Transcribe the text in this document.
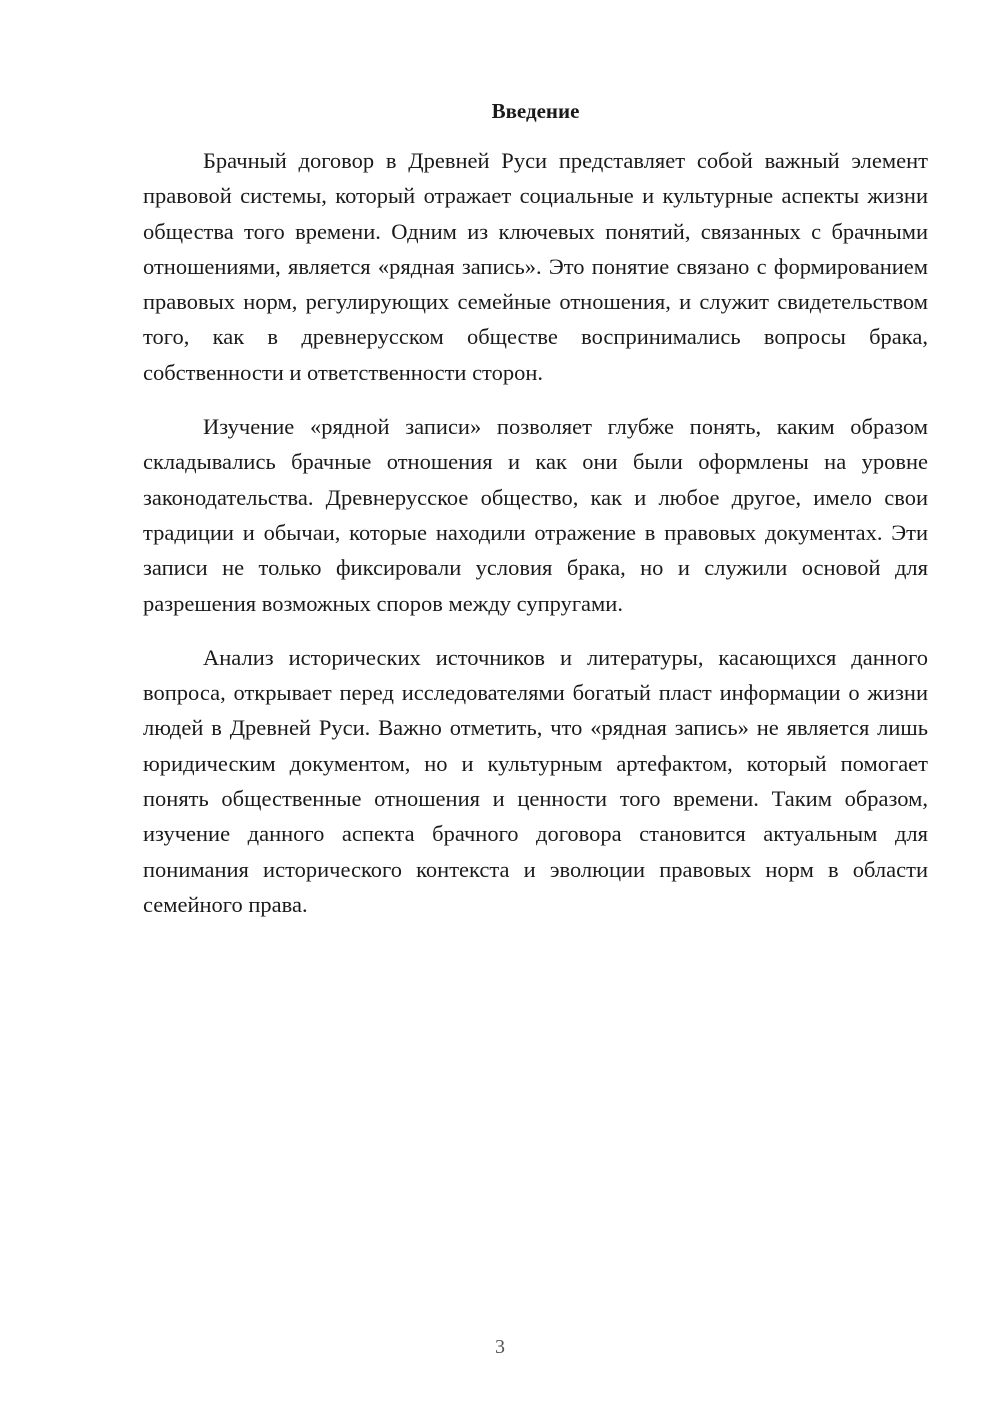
Введение

Брачный договор в Древней Руси представляет собой важный элемент правовой системы, который отражает социальные и культурные аспекты жизни общества того времени. Одним из ключевых понятий, связанных с брачными отношениями, является «рядная запись». Это понятие связано с формированием правовых норм, регулирующих семейные отношения, и служит свидетельством того, как в древнерусском обществе воспринимались вопросы брака, собственности и ответственности сторон.

Изучение «рядной записи» позволяет глубже понять, каким образом складывались брачные отношения и как они были оформлены на уровне законодательства. Древнерусское общество, как и любое другое, имело свои традиции и обычаи, которые находили отражение в правовых документах. Эти записи не только фиксировали условия брака, но и служили основой для разрешения возможных споров между супругами.

Анализ исторических источников и литературы, касающихся данного вопроса, открывает перед исследователями богатый пласт информации о жизни людей в Древней Руси. Важно отметить, что «рядная запись» не является лишь юридическим документом, но и культурным артефактом, который помогает понять общественные отношения и ценности того времени. Таким образом, изучение данного аспекта брачного договора становится актуальным для понимания исторического контекста и эволюции правовых норм в области семейного права.

3
